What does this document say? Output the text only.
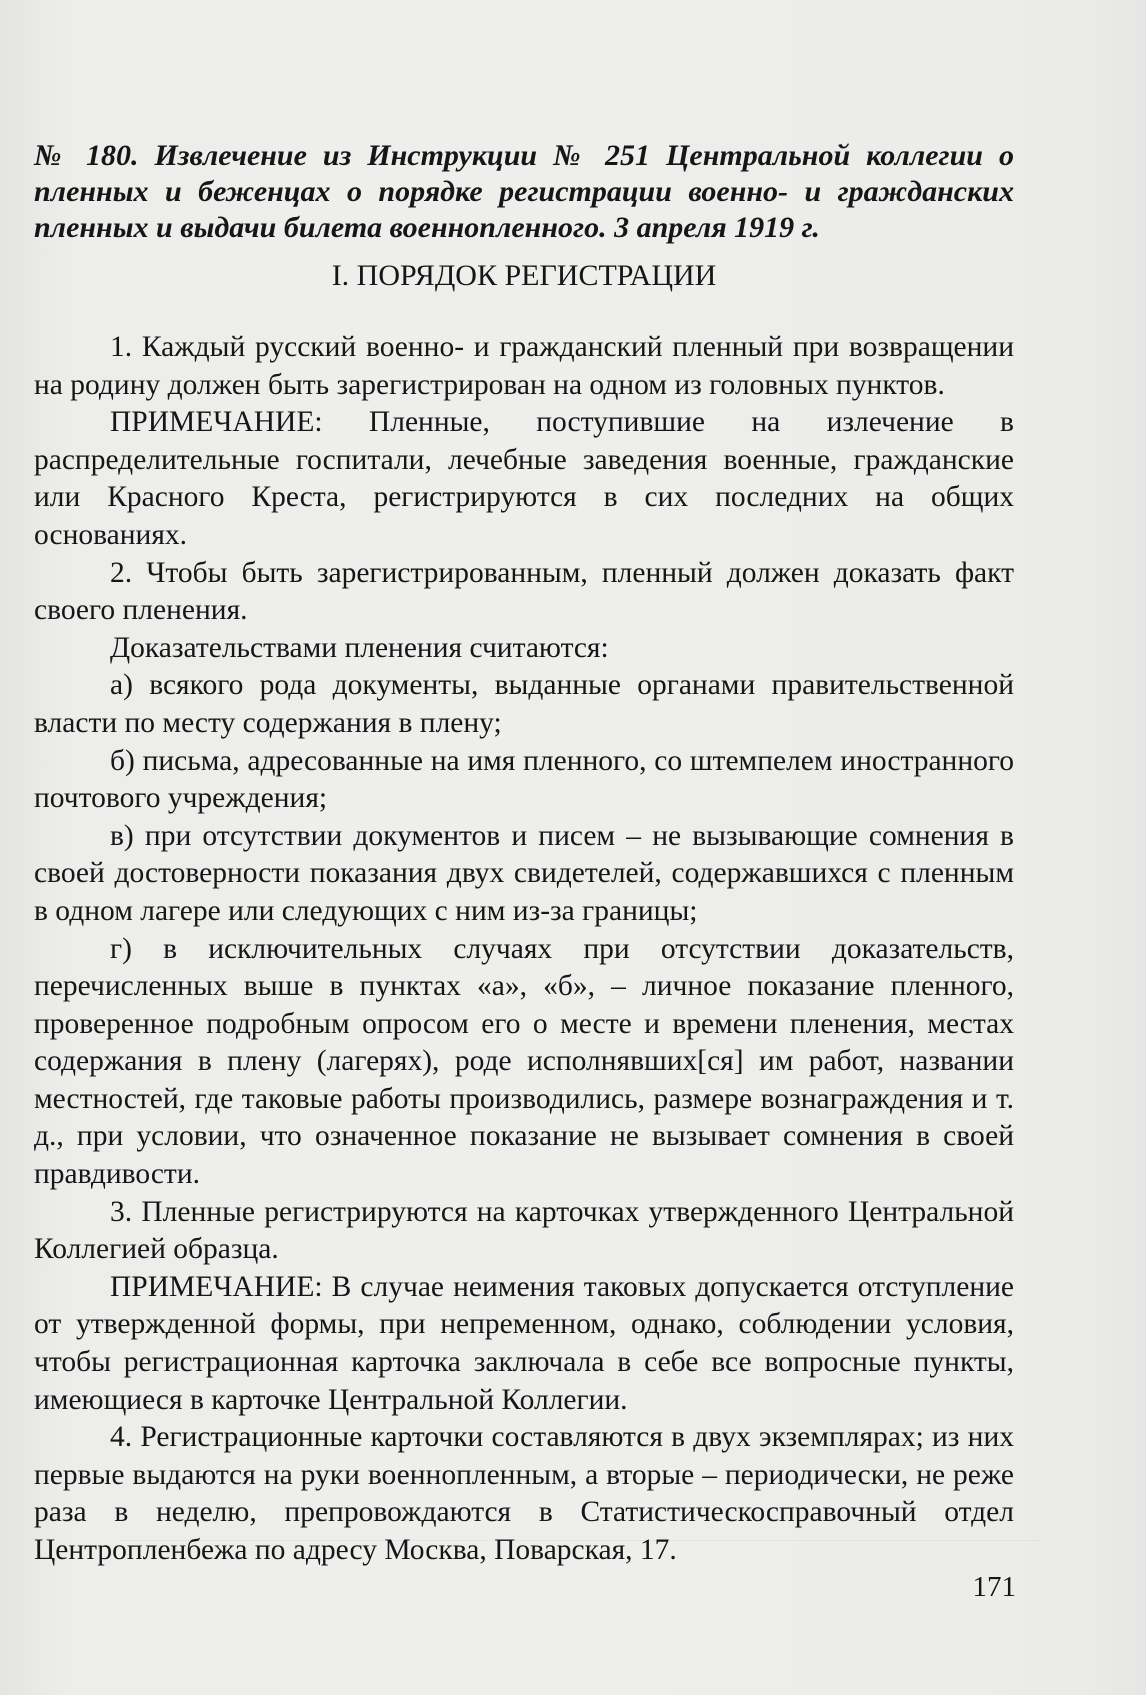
№ 180. Извлечение из Инструкции № 251 Центральной коллегии о пленных и беженцах о порядке регистрации военно- и гражданских пленных и выдачи билета военнопленного. 3 апреля 1919 г.
I. ПОРЯДОК РЕГИСТРАЦИИ

1. Каждый русский военно- и гражданский пленный при возвращении на родину должен быть зарегистрирован на одном из головных пунктов.

ПРИМЕЧАНИЕ: Пленные, поступившие на излечение в распределительные госпитали, лечебные заведения военные, гражданские или Красного Креста, регистрируются в сих последних на общих основаниях.

2. Чтобы быть зарегистрированным, пленный должен доказать факт своего пленения.

Доказательствами пленения считаются:

а) всякого рода документы, выданные органами правительственной власти по месту содержания в плену;

б) письма, адресованные на имя пленного, со штемпелем иностранного почтового учреждения;

в) при отсутствии документов и писем – не вызывающие сомнения в своей достоверности показания двух свидетелей, содержавшихся с пленным в одном лагере или следующих с ним из-за границы;

г) в исключительных случаях при отсутствии доказательств, перечисленных выше в пунктах «а», «б», – личное показание пленного, проверенное подробным опросом его о месте и времени пленения, местах содержания в плену (лагерях), роде исполнявших[ся] им работ, названии местностей, где таковые работы производились, размере вознаграждения и т. д., при условии, что означенное показание не вызывает сомнения в своей правдивости.

3. Пленные регистрируются на карточках утвержденного Центральной Коллегией образца.

ПРИМЕЧАНИЕ: В случае неимения таковых допускается отступление от утвержденной формы, при непременном, однако, соблюдении условия, чтобы регистрационная карточка заключала в себе все вопросные пункты, имеющиеся в карточке Центральной Коллегии.

4. Регистрационные карточки составляются в двух экземплярах; из них первые выдаются на руки военнопленным, а вторые – периодически, не реже раза в неделю, препровождаются в Статистическосправочный отдел Центропленбежа по адресу Москва, Поварская, 17.

171
